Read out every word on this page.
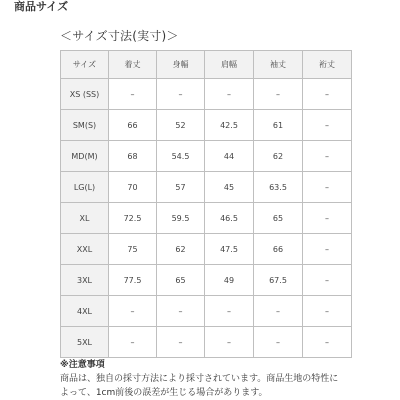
商品サイズ
＜サイズ寸法(実寸)＞
サイズ	着丈	身幅	肩幅	袖丈	裄丈
XS (SS)	–	–	–	–	–
SM(S)	66	52	42.5	61	–
MD(M)	68	54.5	44	62	–
LG(L)	70	57	45	63.5	–
XL	72.5	59.5	46.5	65	–
XXL	75	62	47.5	66	–
3XL	77.5	65	49	67.5	–
4XL	–	–	–	–	–
5XL	–	–	–	–	–
※注意事項
商品は、独自の採寸方法により採寸されています。商品生地の特性に
よって、1cm前後の誤差が生じる場合があります。
